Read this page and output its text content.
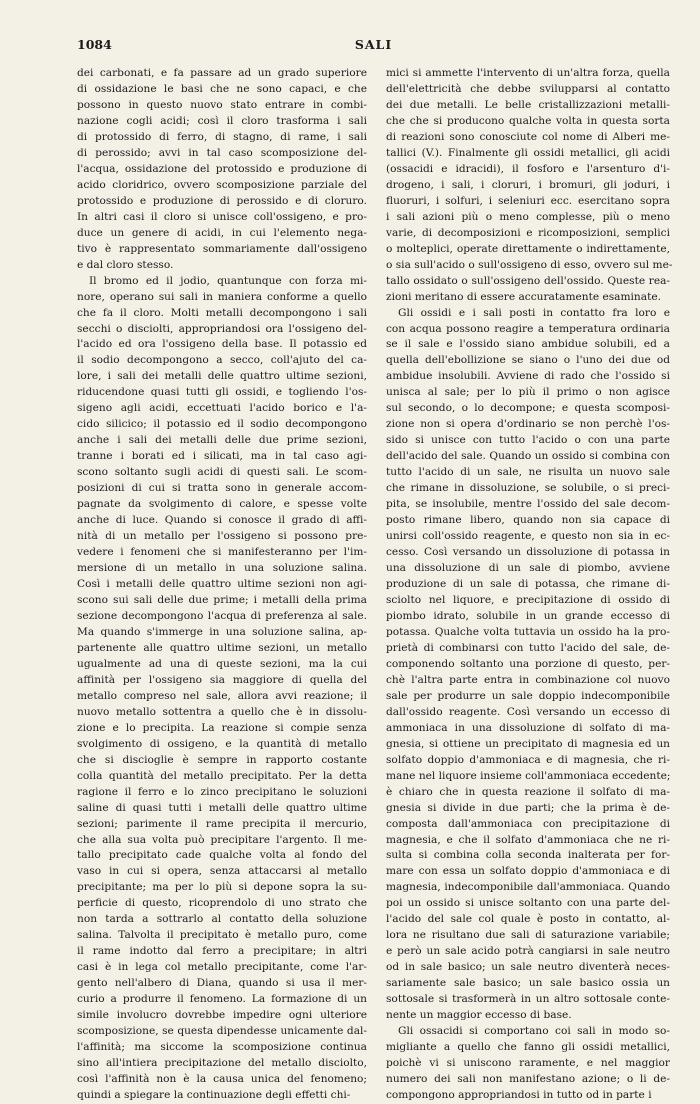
1084	SALI

dei carbonati, e fa passare ad un grado superiore
di ossidazione le basi che ne sono capaci, e che
possono in questo nuovo stato entrare in combi-
nazione cogli acidi; così il cloro trasforma i sali
di protossido di ferro, di stagno, di rame, i sali
di perossido; avvi in tal caso scomposizione del-
l'acqua, ossidazione del protossido e produzione di
acido cloridrico, ovvero scomposizione parziale del
protossido e produzione di perossido e di cloruro.
In altri casi il cloro si unisce coll'ossigeno, e pro-
duce un genere di acidi, in cui l'elemento nega-
tivo è rappresentato sommariamente dall'ossigeno
e dal cloro stesso.

Il bromo ed il jodio, quantunque con forza mi-
nore, operano sui sali in maniera conforme a quello
che fa il cloro. Molti metalli decompongono i sali
secchi o disciolti, appropriandosi ora l'ossigeno del-
l'acido ed ora l'ossigeno della base. Il potassio ed
il sodio decompongono a secco, coll'ajuto del ca-
lore, i sali dei metalli delle quattro ultime sezioni,
riducendone quasi tutti gli ossidi, e togliendo l'os-
sigeno agli acidi, eccettuati l'acido borico e l'a-
cido silicico; il potassio ed il sodio decompongono
anche i sali dei metalli delle due prime sezioni,
tranne i borati ed i silicati, ma in tal caso agi-
scono soltanto sugli acidi di questi sali. Le scom-
posizioni di cui si tratta sono in generale accom-
pagnate da svolgimento di calore, e spesse volte
anche di luce. Quando si conosce il grado di affi-
nità di un metallo per l'ossigeno si possono pre-
vedere i fenomeni che si manifesteranno per l'im-
mersione di un metallo in una soluzione salina.
Così i metalli delle quattro ultime sezioni non agi-
scono sui sali delle due prime; i metalli della prima
sezione decompongono l'acqua di preferenza al sale.
Ma quando s'immerge in una soluzione salina, ap-
partenente alle quattro ultime sezioni, un metallo
ugualmente ad una di queste sezioni, ma la cui
affinità per l'ossigeno sia maggiore di quella del
metallo compreso nel sale, allora avvi reazione; il
nuovo metallo sottentra a quello che è in dissolu-
zione e lo precipita. La reazione si compie senza
svolgimento di ossigeno, e la quantità di metallo
che si discioglie è sempre in rapporto costante
colla quantità del metallo precipitato. Per la detta
ragione il ferro e lo zinco precipitano le soluzioni
saline di quasi tutti i metalli delle quattro ultime
sezioni; parimente il rame precipita il mercurio,
che alla sua volta può precipitare l'argento. Il me-
tallo precipitato cade qualche volta al fondo del
vaso in cui si opera, senza attaccarsi al metallo
precipitante; ma per lo più si depone sopra la su-
perficie di questo, ricoprendolo di uno strato che
non tarda a sottrarlo al contatto della soluzione
salina. Talvolta il precipitato è metallo puro, come
il rame indotto dal ferro a precipitare; in altri
casi è in lega col metallo precipitante, come l'ar-
gento nell'albero di Diana, quando si usa il mer-
curio a produrre il fenomeno. La formazione di un
simile involucro dovrebbe impedire ogni ulteriore
scomposizione, se questa dipendesse unicamente dal-
l'affinità; ma siccome la scomposizione continua
sino all'intiera precipitazione del metallo disciolto,
così l'affinità non è la causa unica del fenomeno;
quindi a spiegare la continuazione degli effetti chi-

mici si ammette l'intervento di un'altra forza, quella
dell'elettricità che debbe svilupparsi al contatto
dei due metalli. Le belle cristallizzazioni metalli-
che che si producono qualche volta in questa sorta
di reazioni sono conosciute col nome di Alberi me-
tallici (V.). Finalmente gli ossidi metallici, gli acidi
(ossacidi e idracidi), il fosforo e l'arsenturo d'i-
drogeno, i sali, i cloruri, i bromuri, gli joduri, i
fluoruri, i solfuri, i seleniuri ecc. esercitano sopra
i sali azioni più o meno complesse, più o meno
varie, di decomposizioni e ricomposizioni, semplici
o molteplici, operate direttamente o indirettamente,
o sia sull'acido o sull'ossigeno di esso, ovvero sul me-
tallo ossidato o sull'ossigeno dell'ossido. Queste rea-
zioni meritano di essere accuratamente esaminate.

Gli ossidi e i sali posti in contatto fra loro e
con acqua possono reagire a temperatura ordinaria
se il sale e l'ossido siano ambidue solubili, ed a
quella dell'ebollizione se siano o l'uno dei due od
ambidue insolubili. Avviene di rado che l'ossido si
unisca al sale; per lo più il primo o non agisce
sul secondo, o lo decompone; e questa scomposi-
zione non si opera d'ordinario se non perchè l'os-
sido si unisce con tutto l'acido o con una parte
dell'acido del sale. Quando un ossido si combina con
tutto l'acido di un sale, ne risulta un nuovo sale
che rimane in dissoluzione, se solubile, o si preci-
pita, se insolubile, mentre l'ossido del sale decom-
posto rimane libero, quando non sia capace di
unirsi coll'ossido reagente, e questo non sia in ec-
cesso. Così versando un dissoluzione di potassa in
una dissoluzione di un sale di piombo, avviene
produzione di un sale di potassa, che rimane di-
sciolto nel liquore, e precipitazione di ossido di
piombo idrato, solubile in un grande eccesso di
potassa. Qualche volta tuttavia un ossido ha la pro-
prietà di combinarsi con tutto l'acido del sale, de-
componendo soltanto una porzione di questo, per-
chè l'altra parte entra in combinazione col nuovo
sale per produrre un sale doppio indecomponibile
dall'ossido reagente. Così versando un eccesso di
ammoniaca in una dissoluzione di solfato di ma-
gnesia, si ottiene un precipitato di magnesia ed un
solfato doppio d'ammoniaca e di magnesia, che ri-
mane nel liquore insieme coll'ammoniaca eccedente;
è chiaro che in questa reazione il solfato di ma-
gnesia si divide in due parti; che la prima è de-
composta dall'ammoniaca con precipitazione di
magnesia, e che il solfato d'ammoniaca che ne ri-
sulta si combina colla seconda inalterata per for-
mare con essa un solfato doppio d'ammoniaca e di
magnesia, indecomponibile dall'ammoniaca. Quando
poi un ossido si unisce soltanto con una parte del-
l'acido del sale col quale è posto in contatto, al-
lora ne risultano due sali di saturazione variabile;
e però un sale acido potrà cangiarsi in sale neutro
od in sale basico; un sale neutro diventerà neces-
sariamente sale basico; un sale basico ossia un
sottosale si trasformerà in un altro sottosale conte-
nente un maggior eccesso di base.

Gli ossacidi si comportano coi sali in modo so-
migliante a quello che fanno gli ossidi metallici,
poichè vi si uniscono raramente, e nel maggior
numero dei sali non manifestano azione; o li de-
compongono appropriandosi in tutto od in parte i
